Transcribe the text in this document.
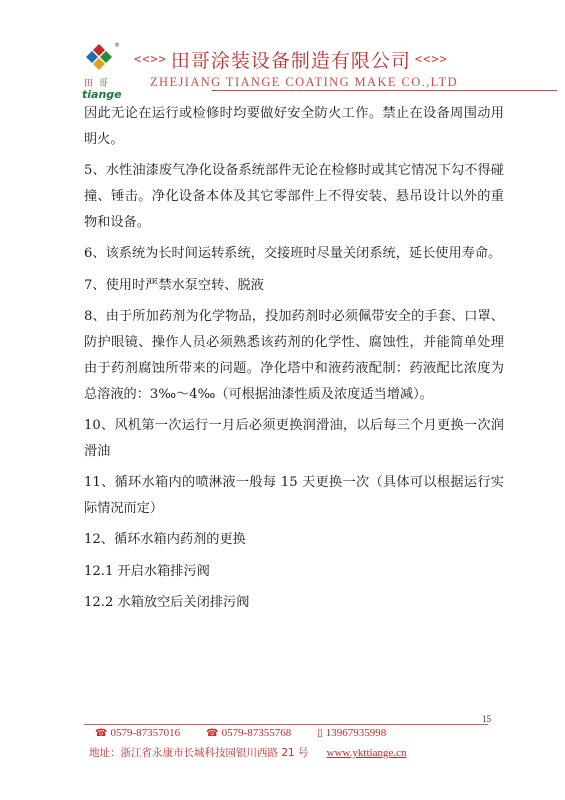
®
田 哥
tiange
<<>> 田哥涂装设备制造有限公司 <<>>
ZHEJIANG TIANGE COATING MAKE CO.,LTD

因此无论在运行或检修时均要做好安全防火工作。禁止在设备周围动用明火。

5、水性油漆废气净化设备系统部件无论在检修时或其它情况下勾不得碰撞、锤击。净化设备本体及其它零部件上不得安装、悬吊设计以外的重物和设备。

6、该系统为长时间运转系统，交接班时尽量关闭系统，延长使用寿命。

7、使用时严禁水泵空转、脱液

8、由于所加药剂为化学物品，投加药剂时必须佩带安全的手套、口罩、防护眼镜、操作人员必须熟悉该药剂的化学性、腐蚀性，并能简单处理由于药剂腐蚀所带来的问题。净化塔中和液药液配制：药液配比浓度为总溶液的：3‰～4‰（可根据油漆性质及浓度适当增减）。

10、风机第一次运行一月后必须更换润滑油，以后每三个月更换一次润滑油

11、循环水箱内的喷淋液一般每 15 天更换一次（具体可以根据运行实际情况而定）

12、循环水箱内药剂的更换

12.1 开启水箱排污阀

12.2 水箱放空后关闭排污阀

15
☎ 0579-87357016	☎ 0579-87355768	▯ 13967935998
地址：浙江省永康市长城科技园银川西路 21 号 www.ykttiange.cn
